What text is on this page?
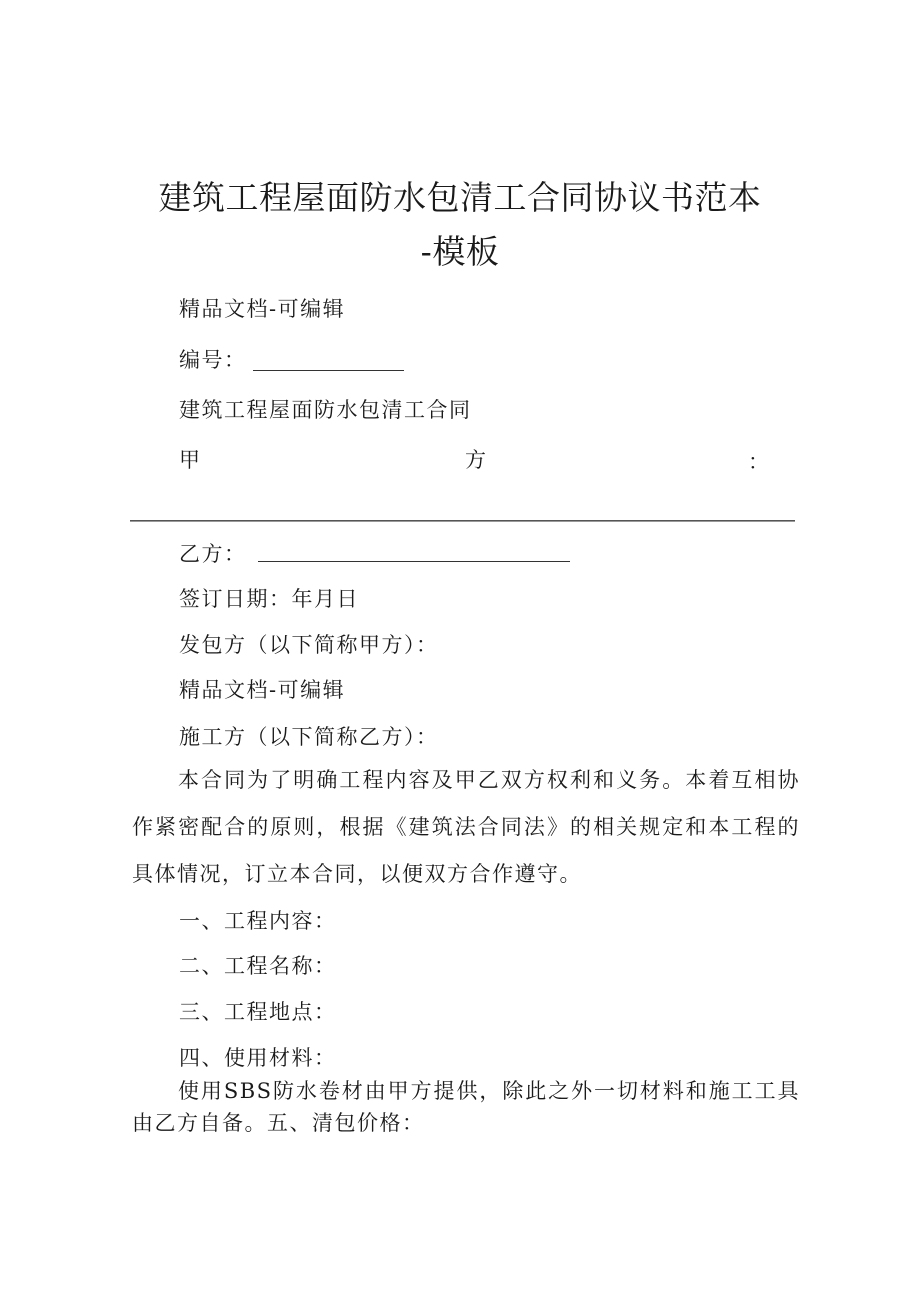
建筑工程屋面防水包清工合同协议书范本
-模板
精品文档-可编辑
编号：
建筑工程屋面防水包清工合同
甲	方	：
乙方：
签订日期：年月日
发包方（以下简称甲方）：
精品文档-可编辑
施工方（以下简称乙方）：

本合同为了明确工程内容及甲乙双方权利和义务。本着互相协作紧密配合的原则，根据《建筑法合同法》的相关规定和本工程的具体情况，订立本合同，以便双方合作遵守。

一、工程内容：
二、工程名称：
三、工程地点：
四、使用材料：

使用SBS防水卷材由甲方提供，除此之外一切材料和施工工具由乙方自备。五、清包价格：
